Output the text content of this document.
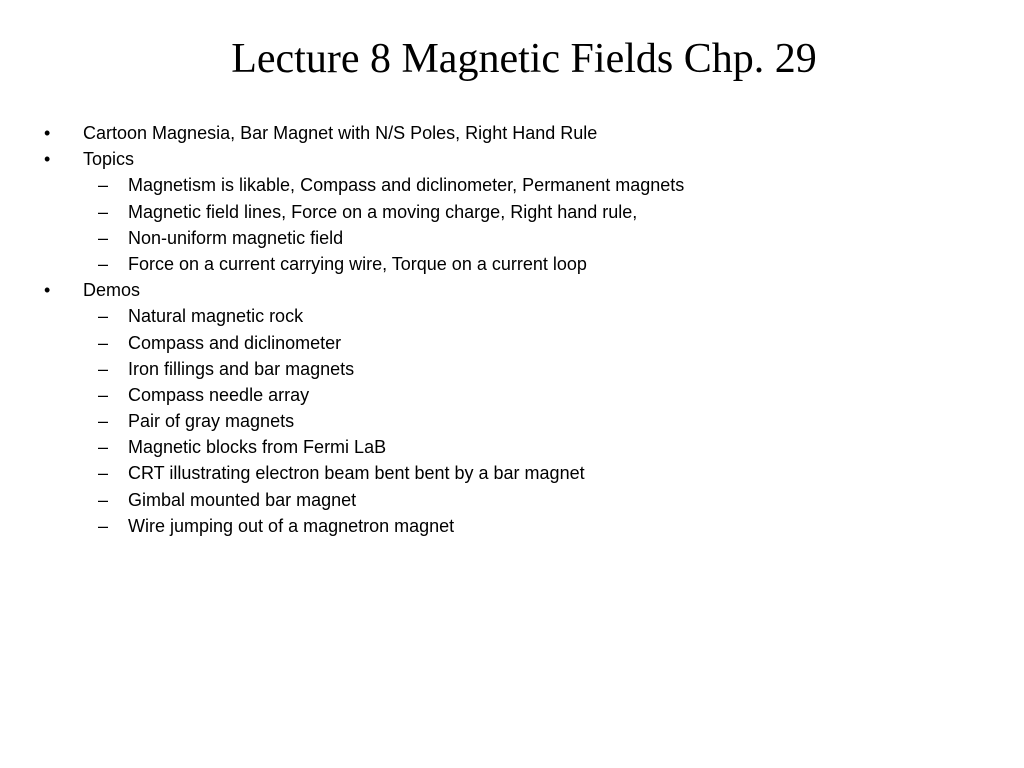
Lecture 8 Magnetic Fields Chp. 29
• Cartoon Magnesia, Bar Magnet with N/S Poles, Right Hand Rule
• Topics
– Magnetism is likable, Compass and diclinometer, Permanent magnets
– Magnetic field lines, Force on a moving charge, Right hand rule,
– Non-uniform magnetic field
– Force on a current carrying wire, Torque on a current loop
• Demos
– Natural magnetic rock
– Compass and diclinometer
– Iron fillings and bar magnets
– Compass needle array
– Pair of gray magnets
– Magnetic blocks from Fermi LaB
– CRT illustrating electron beam bent bent by a bar magnet
– Gimbal mounted bar magnet
– Wire jumping out of a magnetron magnet
